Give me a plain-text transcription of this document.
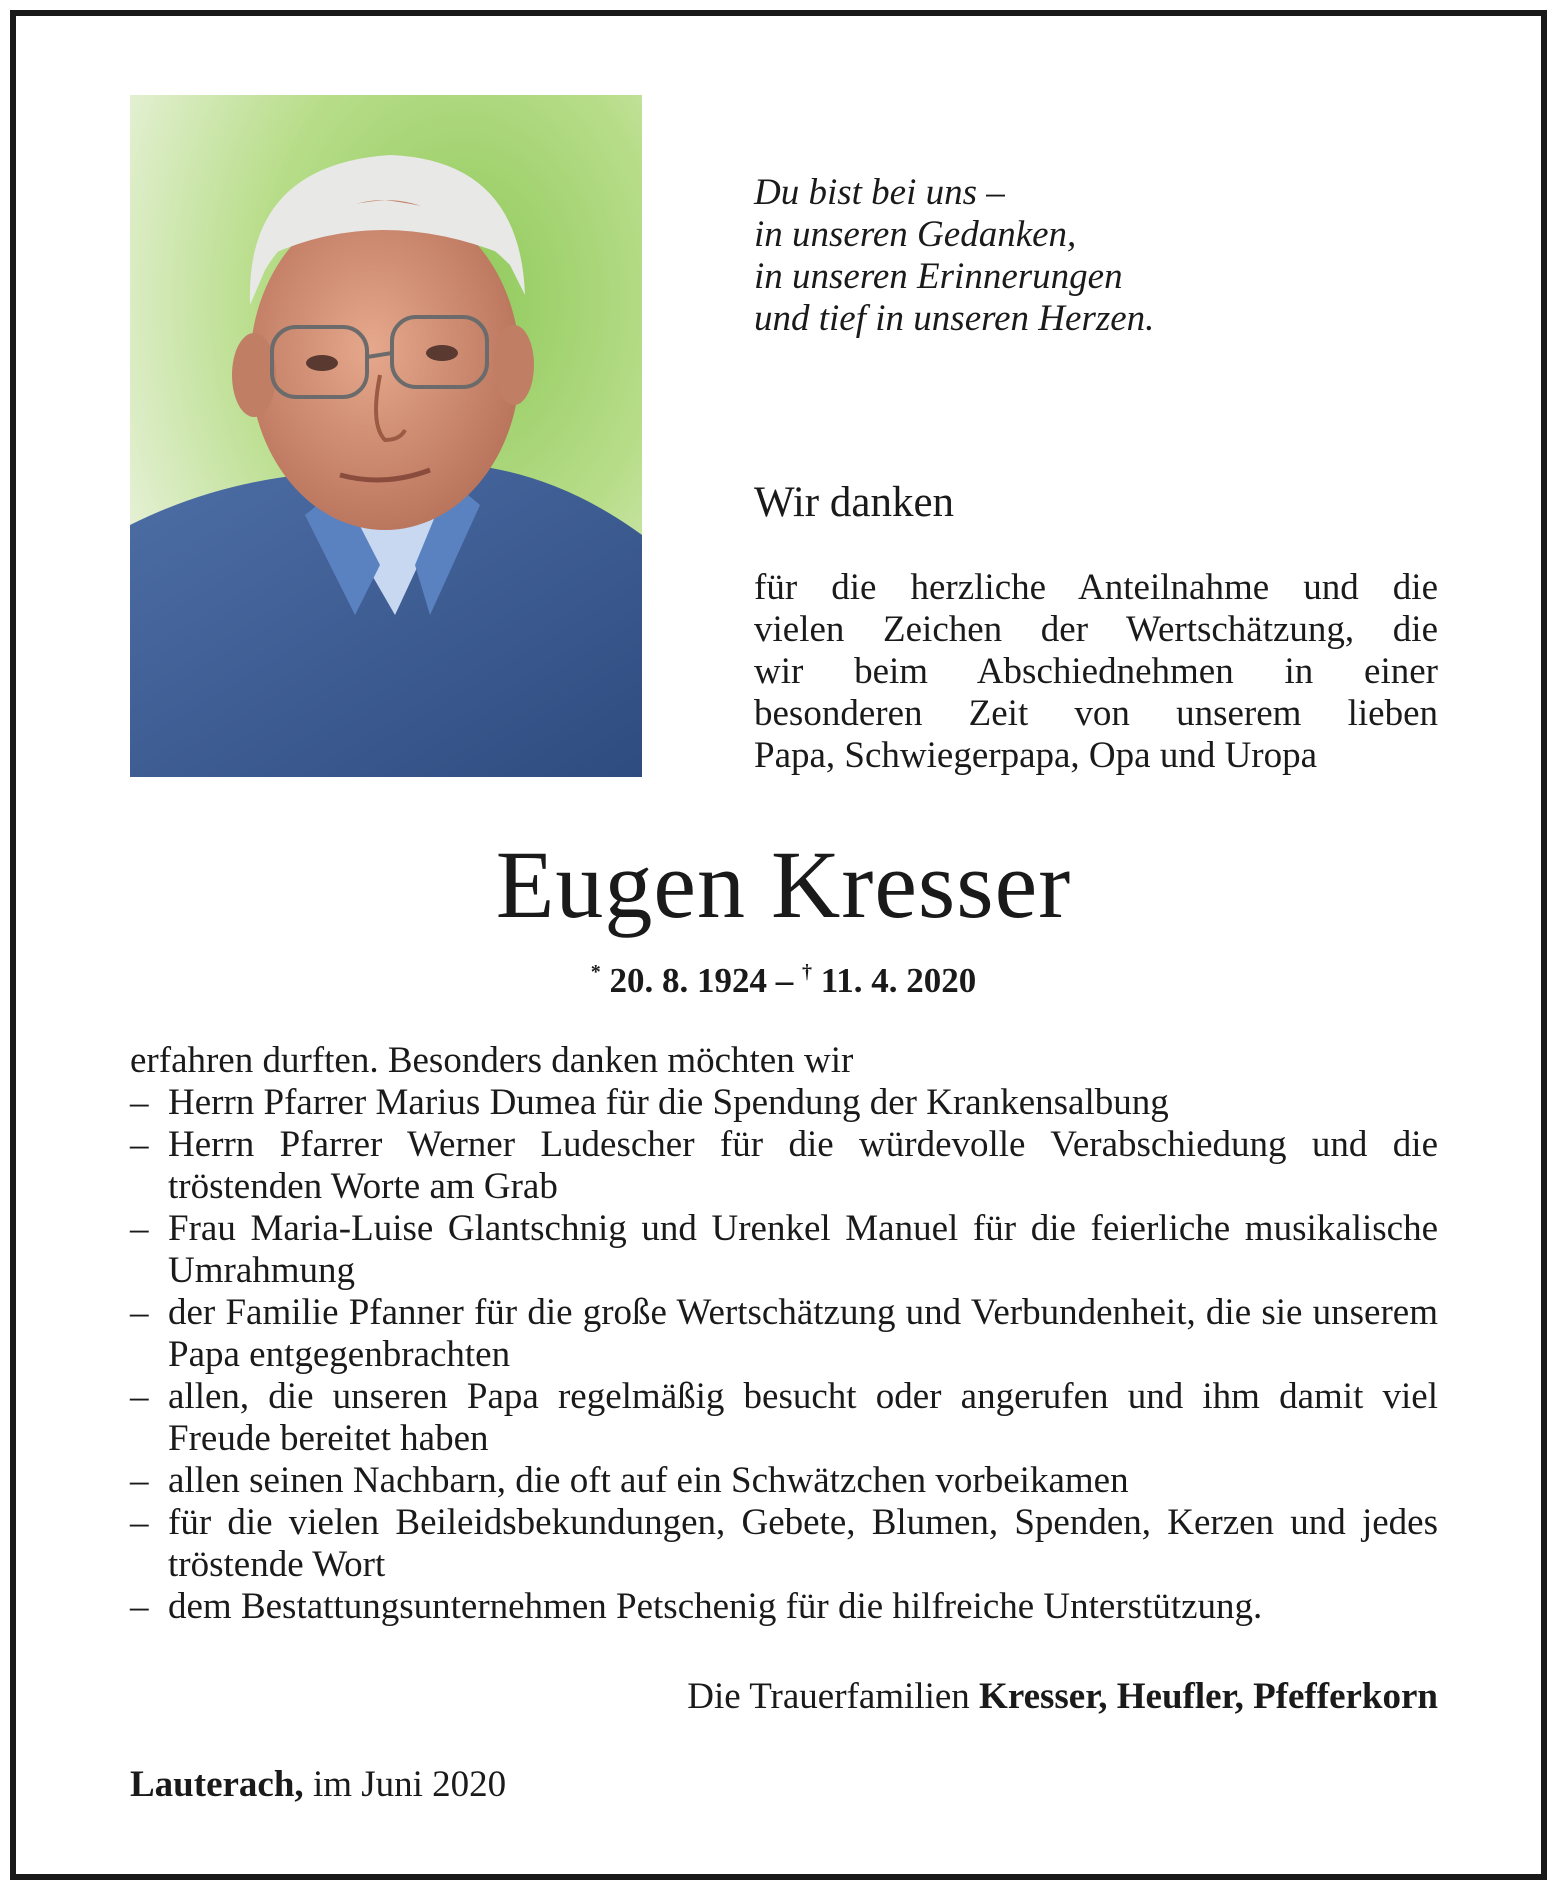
Du bist bei uns –
in unseren Gedanken,
in unseren Erinnerungen
und tief in unseren Herzen.
Wir danken
für die herzliche Anteilnahme und die
vielen Zeichen der Wertschätzung, die
wir beim Abschiednehmen in einer
besonderen Zeit von unserem lieben
Papa, Schwiegerpapa, Opa und Uropa
Eugen Kresser
* 20. 8. 1924 – † 11. 4. 2020
erfahren durften. Besonders danken möchten wir
– Herrn Pfarrer Marius Dumea für die Spendung der Krankensalbung
– Herrn Pfarrer Werner Ludescher für die würdevolle Verabschiedung und die tröstenden Worte am Grab
– Frau Maria-Luise Glantschnig und Urenkel Manuel für die feierliche musikalische Umrahmung
– der Familie Pfanner für die große Wertschätzung und Verbundenheit, die sie unserem Papa entgegenbrachten
– allen, die unseren Papa regelmäßig besucht oder angerufen und ihm damit viel Freude bereitet haben
– allen seinen Nachbarn, die oft auf ein Schwätzchen vorbeikamen
– für die vielen Beileidsbekundungen, Gebete, Blumen, Spenden, Kerzen und jedes tröstende Wort
– dem Bestattungsunternehmen Petschenig für die hilfreiche Unterstützung.
Die Trauerfamilien Kresser, Heufler, Pfefferkorn
Lauterach, im Juni 2020
